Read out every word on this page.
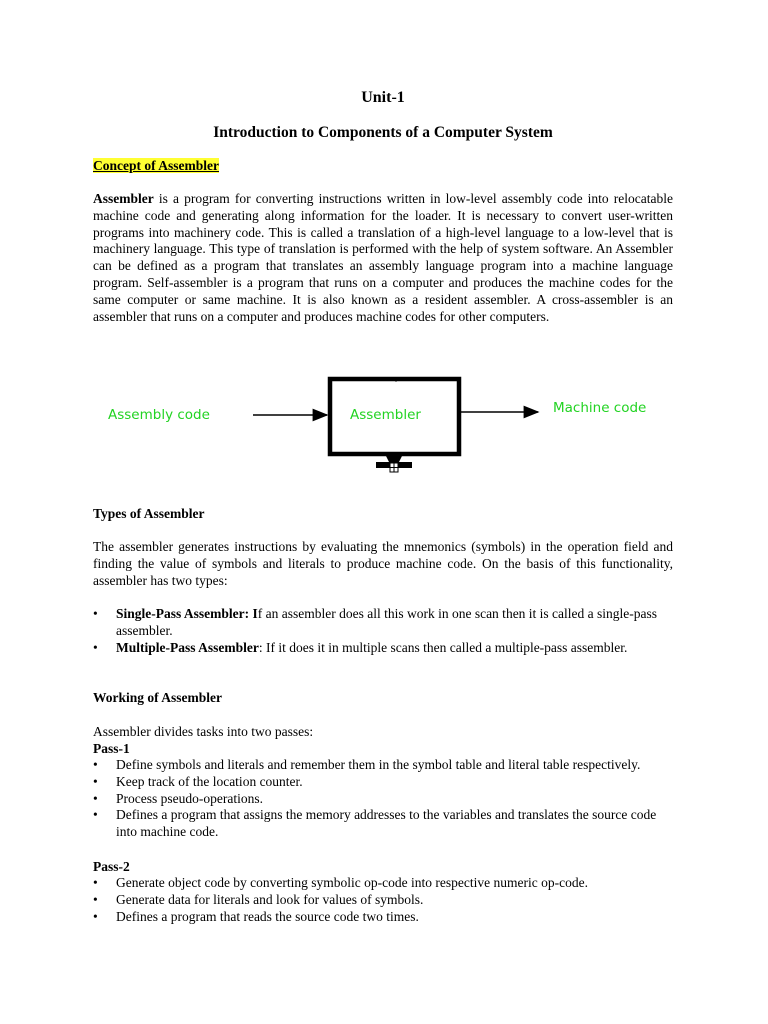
Unit-1
Introduction to Components of a Computer System
Concept of Assembler

Assembler is a program for converting instructions written in low-level assembly code into relocatable machine code and generating along information for the loader. It is necessary to convert user-written programs into machinery code. This is called a translation of a high-level language to a low-level that is machinery language. This type of translation is performed with the help of system software. An Assembler can be defined as a program that translates an assembly language program into a machine language program. Self-assembler is a program that runs on a computer and produces the machine codes for the same computer or same machine. It is also known as a resident assembler. A cross-assembler is an assembler that runs on a computer and produces machine codes for other computers.

Assembly code	Assembler	Machine code
Types of Assembler

The assembler generates instructions by evaluating the mnemonics (symbols) in the operation field and finding the value of symbols and literals to produce machine code. On the basis of this functionality, assembler has two types:

• Single-Pass Assembler: If an assembler does all this work in one scan then it is called a single-pass assembler.
• Multiple-Pass Assembler: If it does it in multiple scans then called a multiple-pass assembler.
Working of Assembler

Assembler divides tasks into two passes:

Pass-1
• Define symbols and literals and remember them in the symbol table and literal table respectively.
• Keep track of the location counter.
• Process pseudo-operations.
• Defines a program that assigns the memory addresses to the variables and translates the source code into machine code.
Pass-2
• Generate object code by converting symbolic op-code into respective numeric op-code.
• Generate data for literals and look for values of symbols.
• Defines a program that reads the source code two times.
